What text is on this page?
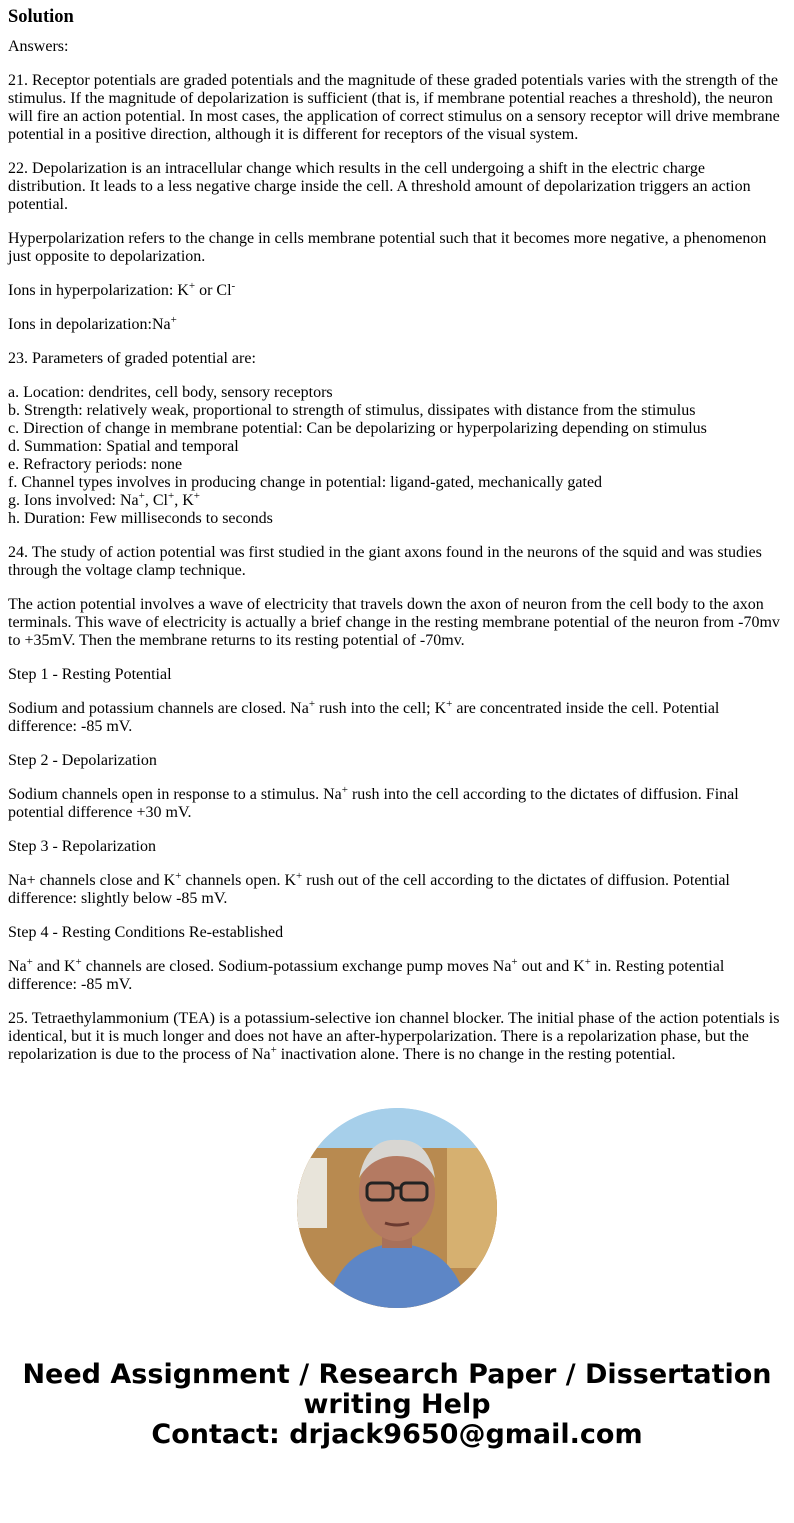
Solution

Answers:

21. Receptor potentials are graded potentials and the magnitude of these graded potentials varies with the strength of the stimulus. If the magnitude of depolarization is sufficient (that is, if membrane potential reaches a threshold), the neuron will fire an action potential. In most cases, the application of correct stimulus on a sensory receptor will drive membrane potential in a positive direction, although it is different for receptors of the visual system.

22. Depolarization is an intracellular change which results in the cell undergoing a shift in the electric charge distribution. It leads to a less negative charge inside the cell. A threshold amount of depolarization triggers an action potential.

Hyperpolarization refers to the change in cells membrane potential such that it becomes more negative, a phenomenon just opposite to depolarization.

Ions in hyperpolarization: K+ or Cl-

Ions in depolarization:Na+

23. Parameters of graded potential are:

a. Location: dendrites, cell body, sensory receptors
b. Strength: relatively weak, proportional to strength of stimulus, dissipates with distance from the stimulus
c. Direction of change in membrane potential: Can be depolarizing or hyperpolarizing depending on stimulus
d. Summation: Spatial and temporal
e. Refractory periods: none
f. Channel types involves in producing change in potential: ligand-gated, mechanically gated
g. Ions involved: Na+, Cl+, K+
h. Duration: Few milliseconds to seconds

24. The study of action potential was first studied in the giant axons found in the neurons of the squid and was studies through the voltage clamp technique.

The action potential involves a wave of electricity that travels down the axon of neuron from the cell body to the axon terminals. This wave of electricity is actually a brief change in the resting membrane potential of the neuron from -70mv to +35mV. Then the membrane returns to its resting potential of -70mv.

Step 1 - Resting Potential

Sodium and potassium channels are closed. Na+ rush into the cell; K+ are concentrated inside the cell. Potential difference: -85 mV.

Step 2 - Depolarization

Sodium channels open in response to a stimulus. Na+ rush into the cell according to the dictates of diffusion. Final potential difference +30 mV.

Step 3 - Repolarization

Na+ channels close and K+ channels open. K+ rush out of the cell according to the dictates of diffusion. Potential difference: slightly below -85 mV.

Step 4 - Resting Conditions Re-established

Na+ and K+ channels are closed. Sodium-potassium exchange pump moves Na+ out and K+ in. Resting potential difference: -85 mV.

25. Tetraethylammonium (TEA) is a potassium-selective ion channel blocker. The initial phase of the action potentials is identical, but it is much longer and does not have an after-hyperpolarization. There is a repolarization phase, but the repolarization is due to the process of Na+ inactivation alone. There is no change in the resting potential.

Need Assignment / Research Paper / Dissertation writing Help
Contact: drjack9650@gmail.com
